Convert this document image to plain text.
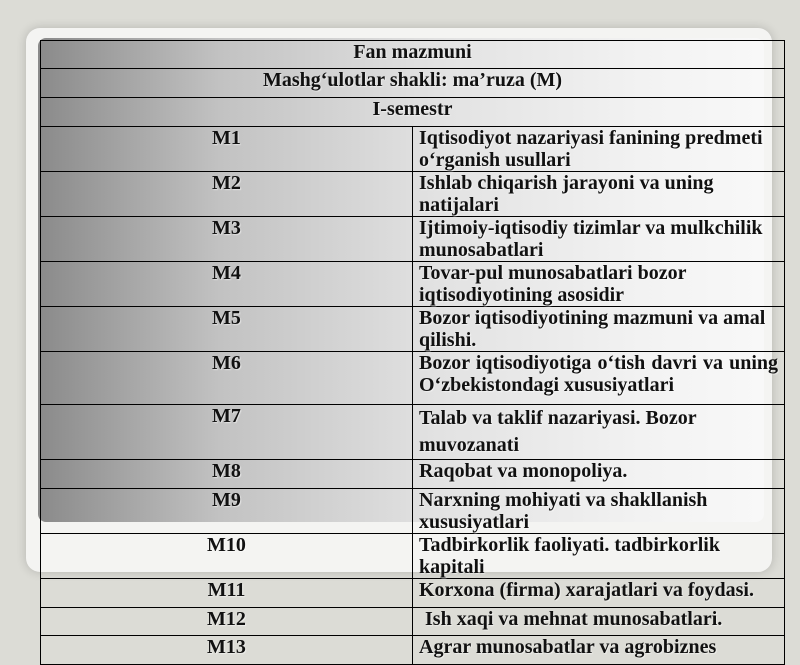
Fan mazmuni	
Mashg‘ulotlar shakli: ma’ruza (M)	
I-semestr	
M1	Iqtisodiyot nazariyasi fanining predmeti o‘rganish usullari
M2	Ishlab chiqarish jarayoni va uning natijalari
M3	Ijtimoiy-iqtisodiy tizimlar va mulkchilik munosabatlari
M4	Tovar-pul munosabatlari bozor iqtisodiyotining asosidir
M5	Bozor iqtisodiyotining mazmuni va amal qilishi.
M6	Bozor iqtisodiyotiga o‘tish davri va uning O‘zbekistondagi xususiyatlari
M7	Talab va taklif nazariyasi. Bozor
muvozanati
M8	Raqobat va monopoliya.
M9	Narxning mohiyati va shakllanish xususiyatlari
M10	Tadbirkorlik faoliyati. tadbirkorlik kapitali
M11	Korxona (firma) xarajatlari va foydasi.
M12	Ish xaqi va mehnat munosabatlari.
M13	Agrar munosabatlar va agrobiznes
